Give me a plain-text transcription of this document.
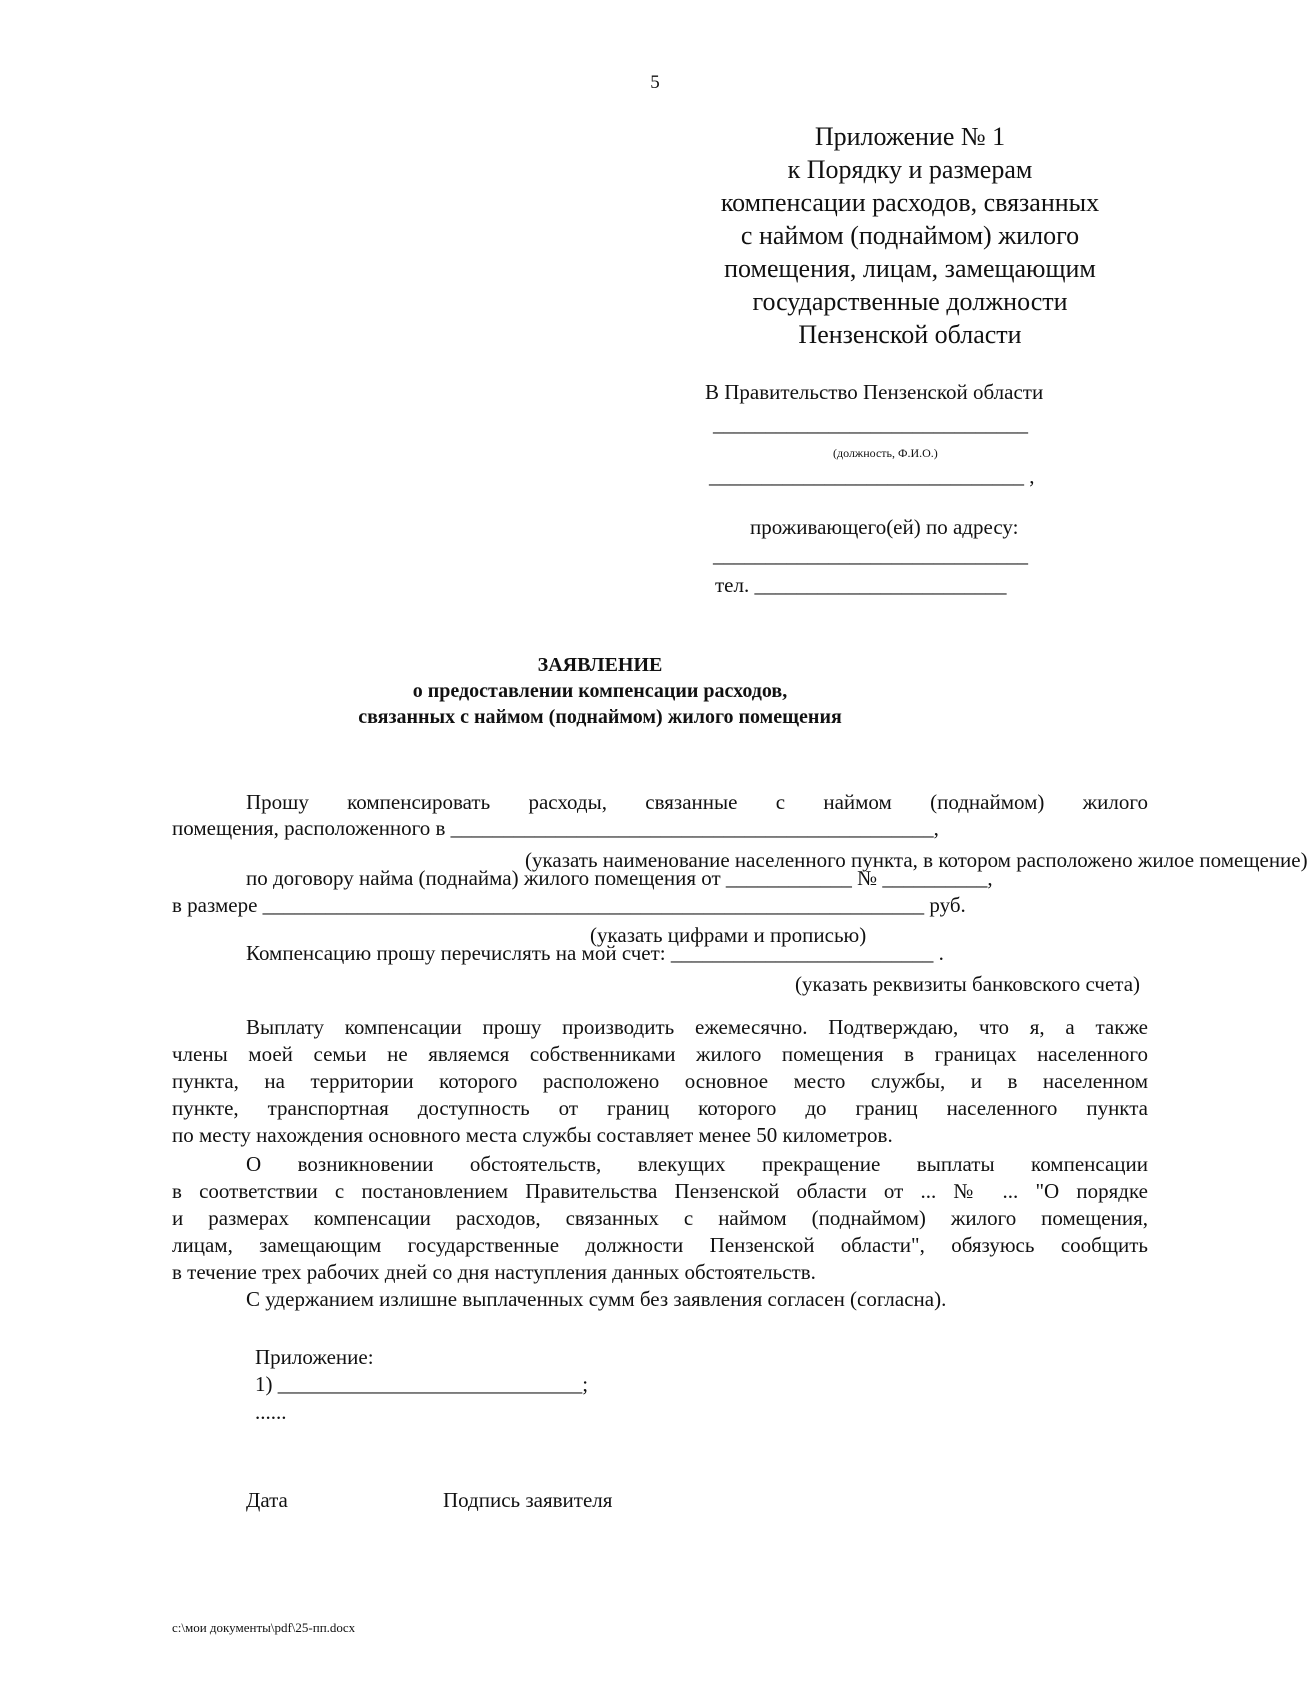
5
Приложение № 1
к Порядку и размерам
компенсации расходов, связанных
с наймом (поднаймом) жилого
помещения, лицам, замещающим
государственные должности
Пензенской области
В Правительство Пензенской области
______________________________
(должность, Ф.И.О.)
______________________________ ,
проживающего(ей) по адресу:
______________________________
тел. ________________________
ЗАЯВЛЕНИЕ
о предоставлении компенсации расходов,
связанных с наймом (поднаймом) жилого помещения
Прошу компенсировать расходы, связанные с наймом (поднаймом) жилого
помещения, расположенного в ______________________________________________,
(указать наименование населенного пункта, в котором расположено жилое помещение)
по договору найма (поднайма) жилого помещения от ____________ № __________,
в размере _______________________________________________________________ руб.
(указать цифрами и прописью)
Компенсацию прошу перечислять на мой счет: _________________________ .
(указать реквизиты банковского счета)
Выплату компенсации прошу производить ежемесячно. Подтверждаю, что я, а также
члены моей семьи не являемся собственниками жилого помещения в границах населенного
пункта, на территории которого расположено основное место службы, и в населенном
пункте, транспортная доступность от границ которого до границ населенного пункта
по месту нахождения основного места службы составляет менее 50 километров.
О возникновении обстоятельств, влекущих прекращение выплаты компенсации
в соответствии с постановлением Правительства Пензенской области от ... № ... "О порядке
и размерах компенсации расходов, связанных с наймом (поднаймом) жилого помещения,
лицам, замещающим государственные должности Пензенской области", обязуюсь сообщить
в течение трех рабочих дней со дня наступления данных обстоятельств.
С удержанием излишне выплаченных сумм без заявления согласен (согласна).
Приложение:
1) _____________________________;
......
Дата	Подпись заявителя
c:\мои документы\pdf\25-пп.docx
